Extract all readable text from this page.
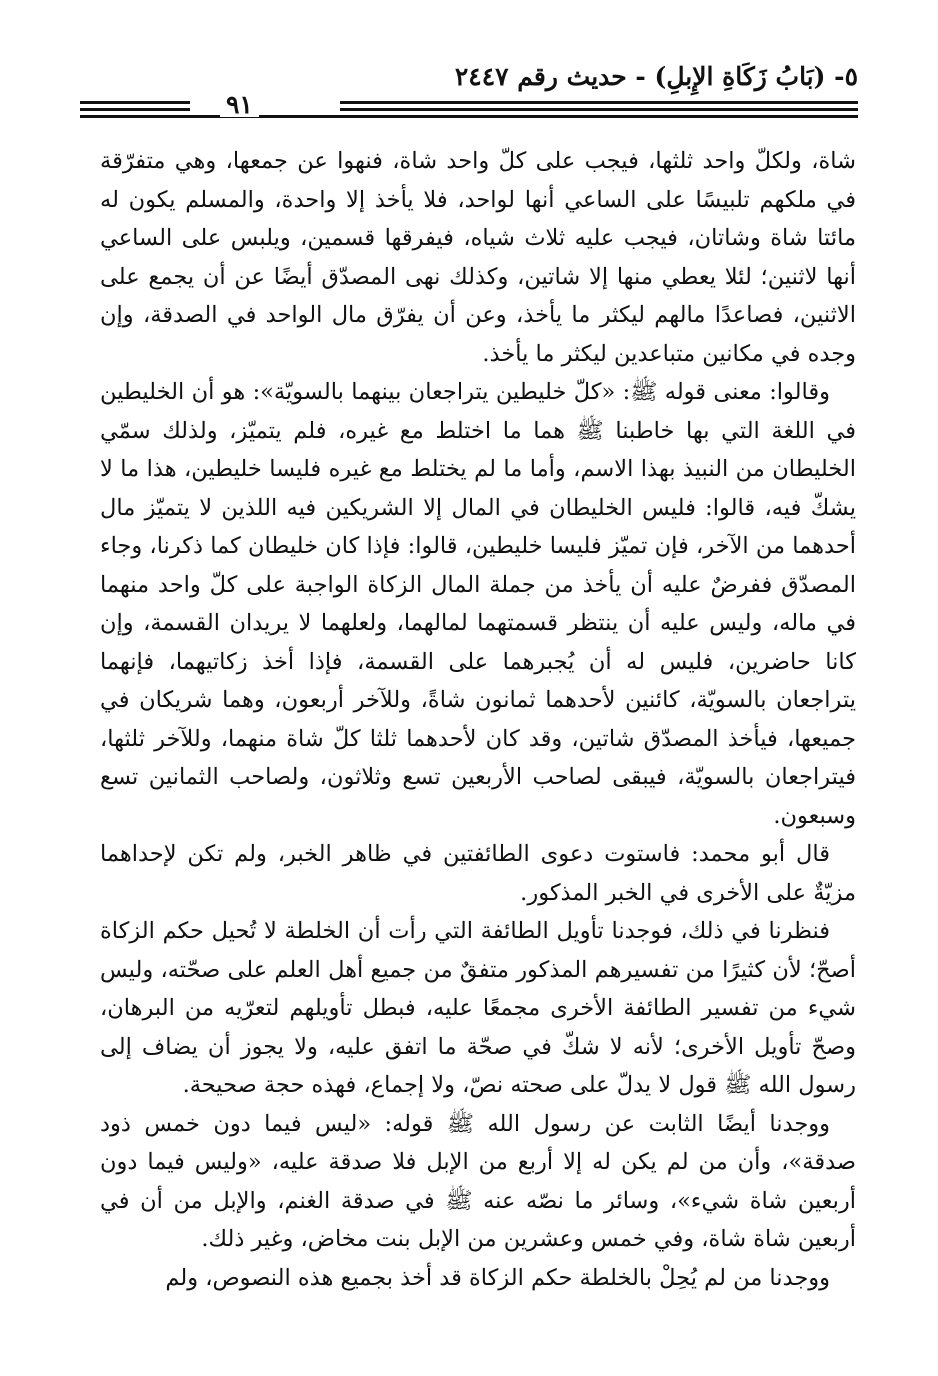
٥- (بَابُ زَكَاةِ الإِبلِ) - حديث رقم ٢٤٤٧
٩١

شاة، ولكلّ واحد ثلثها، فيجب على كلّ واحد شاة، فنهوا عن جمعها، وهي متفرّقة في ملكهم تلبيسًا على الساعي أنها لواحد، فلا يأخذ إلا واحدة، والمسلم يكون له مائتا شاة وشاتان، فيجب عليه ثلاث شياه، فيفرقها قسمين، ويلبس على الساعي أنها لاثنين؛ لئلا يعطي منها إلا شاتين، وكذلك نهى المصدّق أيضًا عن أن يجمع على الاثنين، فصاعدًا مالهم ليكثر ما يأخذ، وعن أن يفرّق مال الواحد في الصدقة، وإن وجده في مكانين متباعدين ليكثر ما يأخذ.

وقالوا: معنى قوله ﷺ: «كلّ خليطين يتراجعان بينهما بالسويّة»: هو أن الخليطين في اللغة التي بها خاطبنا ﷺ هما ما اختلط مع غيره، فلم يتميّز، ولذلك سمّي الخليطان من النبيذ بهذا الاسم، وأما ما لم يختلط مع غيره فليسا خليطين، هذا ما لا يشكّ فيه، قالوا: فليس الخليطان في المال إلا الشريكين فيه اللذين لا يتميّز مال أحدهما من الآخر، فإن تميّز فليسا خليطين، قالوا: فإذا كان خليطان كما ذكرنا، وجاء المصدّق ففرضٌ عليه أن يأخذ من جملة المال الزكاة الواجبة على كلّ واحد منهما في ماله، وليس عليه أن ينتظر قسمتهما لمالهما، ولعلهما لا يريدان القسمة، وإن كانا حاضرين، فليس له أن يُجبرهما على القسمة، فإذا أخذ زكاتيهما، فإنهما يتراجعان بالسويّة، كائنين لأحدهما ثمانون شاةً، وللآخر أربعون، وهما شريكان في جميعها، فيأخذ المصدّق شاتين، وقد كان لأحدهما ثلثا كلّ شاة منهما، وللآخر ثلثها، فيتراجعان بالسويّة، فيبقى لصاحب الأربعين تسع وثلاثون، ولصاحب الثمانين تسع وسبعون.

قال أبو محمد: فاستوت دعوى الطائفتين في ظاهر الخبر، ولم تكن لإحداهما مزيّةٌ على الأخرى في الخبر المذكور.

فنظرنا في ذلك، فوجدنا تأويل الطائفة التي رأت أن الخلطة لا تُحيل حكم الزكاة أصحّ؛ لأن كثيرًا من تفسيرهم المذكور متفقٌ من جميع أهل العلم على صحّته، وليس شيء من تفسير الطائفة الأخرى مجمعًا عليه، فبطل تأويلهم لتعرّيه من البرهان، وصحّ تأويل الأخرى؛ لأنه لا شكّ في صحّة ما اتفق عليه، ولا يجوز أن يضاف إلى رسول الله ﷺ قول لا يدلّ على صحته نصّ، ولا إجماع، فهذه حجة صحيحة.

ووجدنا أيضًا الثابت عن رسول الله ﷺ قوله: «ليس فيما دون خمس ذود صدقة»، وأن من لم يكن له إلا أربع من الإبل فلا صدقة عليه، «وليس فيما دون أربعين شاة شيء»، وسائر ما نصّه عنه ﷺ في صدقة الغنم، والإبل من أن في أربعين شاة شاة، وفي خمس وعشرين من الإبل بنت مخاض، وغير ذلك.

ووجدنا من لم يُحِلْ بالخلطة حكم الزكاة قد أخذ بجميع هذه النصوص، ولم
